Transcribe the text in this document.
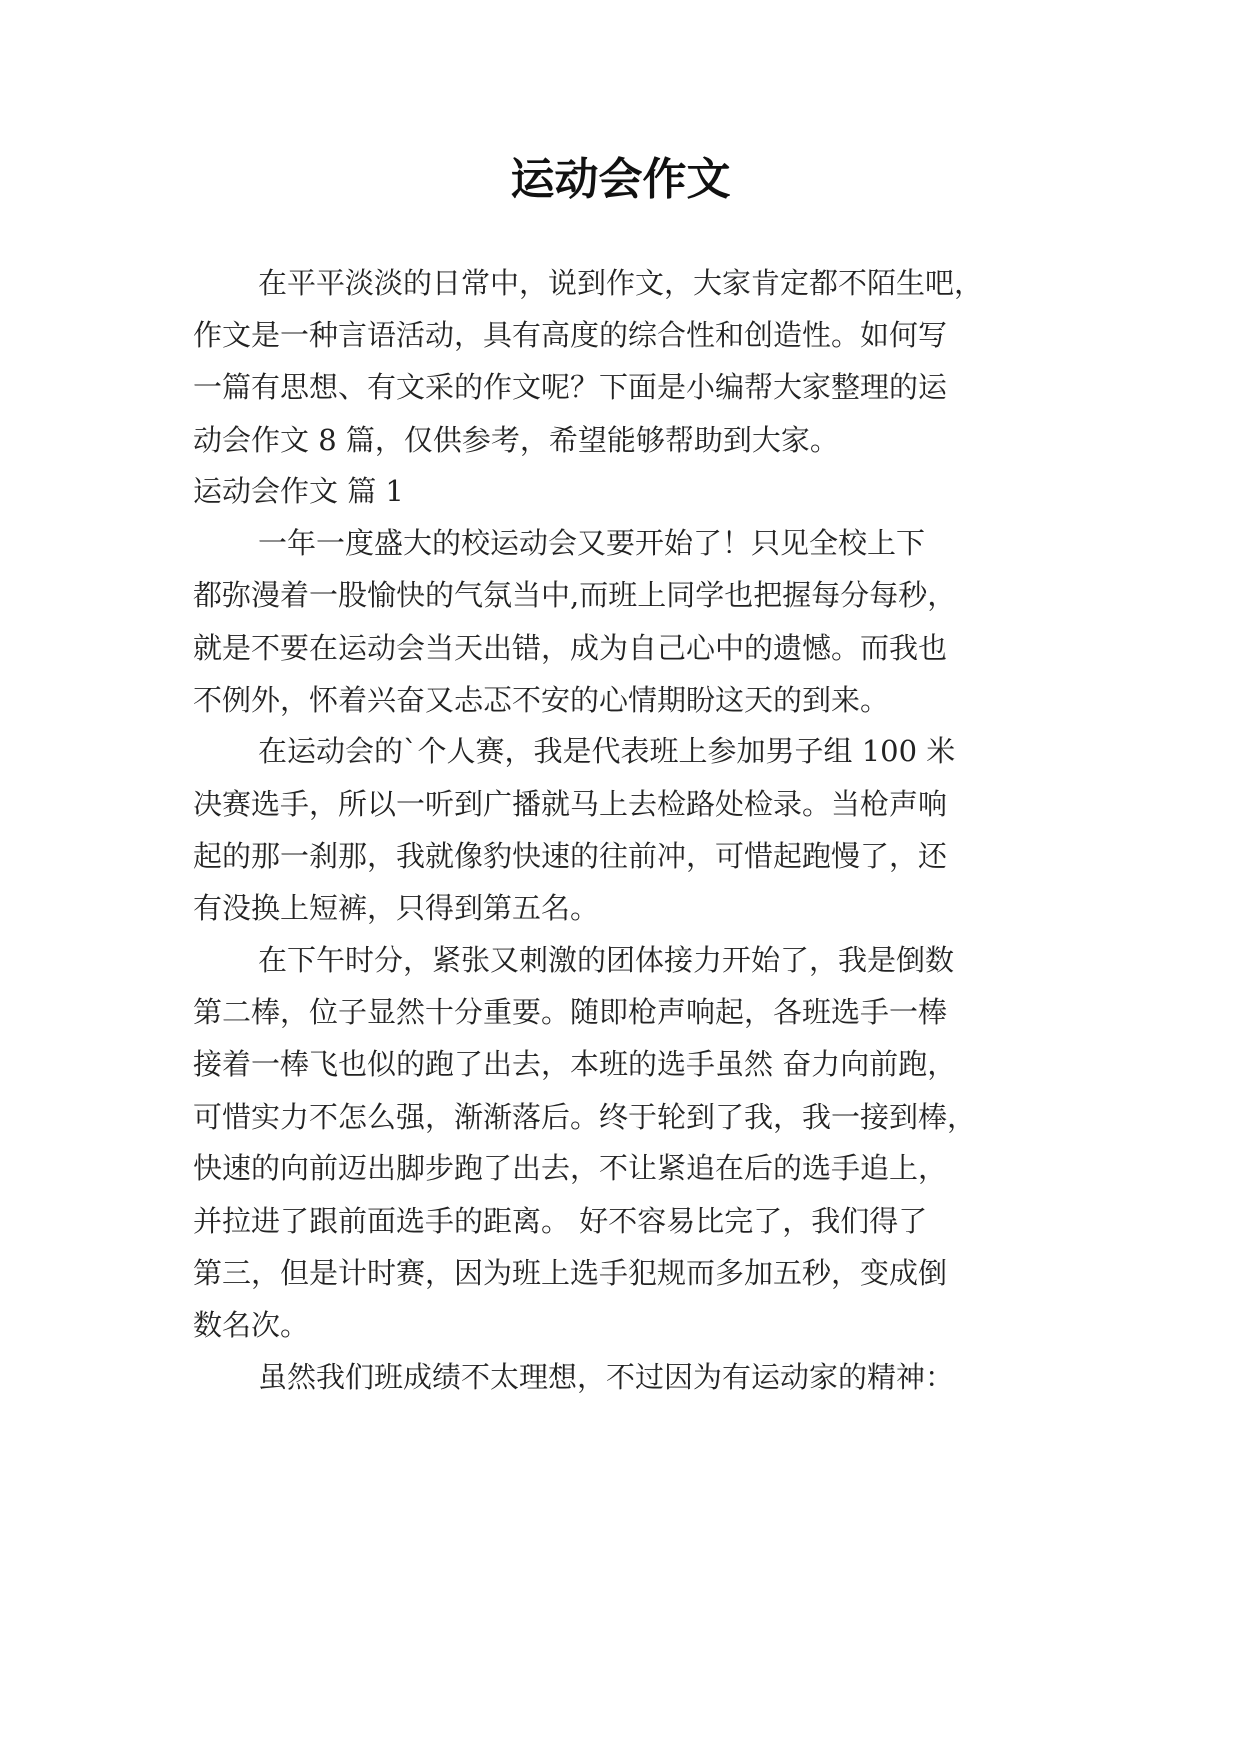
运动会作文

在平平淡淡的日常中，说到作文，大家肯定都不陌生吧，

作文是一种言语活动，具有高度的综合性和创造性。如何写

一篇有思想、有文采的作文呢？下面是小编帮大家整理的运

动会作文 8 篇，仅供参考，希望能够帮助到大家。

运动会作文 篇 1

一年一度盛大的校运动会又要开始了！只见全校上下

都弥漫着一股愉快的气氛当中,而班上同学也把握每分每秒，

就是不要在运动会当天出错，成为自己心中的遗憾。而我也

不例外，怀着兴奋又忐忑不安的心情期盼这天的到来。

在运动会的`个人赛，我是代表班上参加男子组 100 米

决赛选手，所以一听到广播就马上去检路处检录。当枪声响

起的那一刹那，我就像豹快速的往前冲，可惜起跑慢了，还

有没换上短裤，只得到第五名。

在下午时分，紧张又刺激的团体接力开始了，我是倒数

第二棒，位子显然十分重要。随即枪声响起，各班选手一棒

接着一棒飞也似的跑了出去，本班的选手虽然 奋力向前跑，

可惜实力不怎么强，渐渐落后。终于轮到了我，我一接到棒，

快速的向前迈出脚步跑了出去，不让紧追在后的选手追上，

并拉进了跟前面选手的距离。 好不容易比完了，我们得了

第三，但是计时赛，因为班上选手犯规而多加五秒，变成倒

数名次。

虽然我们班成绩不太理想，不过因为有运动家的精神：
